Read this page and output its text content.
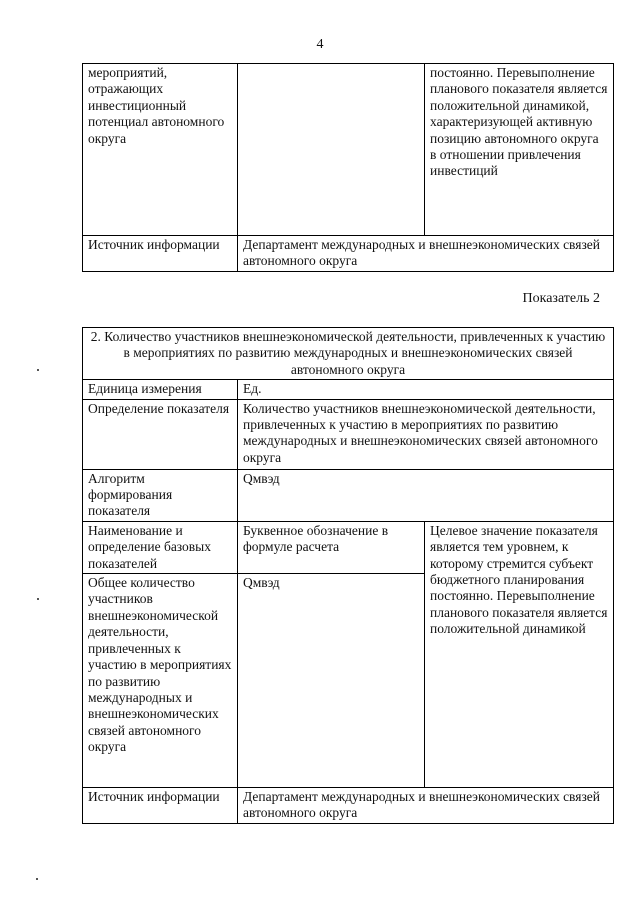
4
мероприятий, отражающих инвестиционный потенциал автономного округа		постоянно. Перевыполнение планового показателя является положительной динамикой, характеризующей активную позицию автономного округа в отношении привлечения инвестиций
Источник информации	Департамент международных и внешнеэкономических связей автономного округа	
Показатель 2
2. Количество участников внешнеэкономической деятельности, привлеченных к участию в мероприятиях по развитию международных и внешнеэкономических связей автономного округа		
Единица измерения	Ед.	
Определение показателя	Количество участников внешнеэкономической деятельности, привлеченных к участию в мероприятиях по развитию международных и внешнеэкономических связей автономного округа	
Алгоритм формирования показателя	Qмвэд	
Наименование и определение базовых показателей	Буквенное обозначение в формуле расчета	Целевое значение показателя является тем уровнем, к которому стремится субъект бюджетного планирования постоянно. Перевыполнение планового показателя является положительной динамикой
Общее количество участников внешнеэкономической деятельности, привлеченных к участию в мероприятиях по развитию международных и внешнеэкономических связей автономного округа	Qмвэд	
Источник информации	Департамент международных и внешнеэкономических связей автономного округа	
